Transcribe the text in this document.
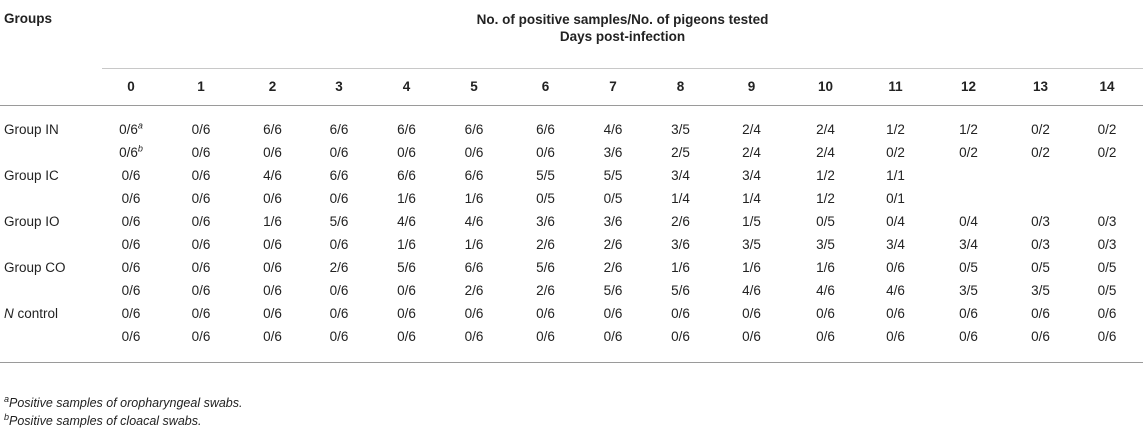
Groups	No. of positive samples/No. of pigeons tested
Days post-infection														

	0	1	2	3	4	5	6	7	8	9	10	11	12	13	14

Group IN	0/6$^a$	0/6	6/6	6/6	6/6	6/6	6/6	4/6	3/5	2/4	2/4	1/2	1/2	0/2	0/2
	0/6$^b$	0/6	0/6	0/6	0/6	0/6	0/6	3/6	2/5	2/4	2/4	0/2	0/2	0/2	0/2
Group IC	0/6	0/6	4/6	6/6	6/6	6/6	5/5	5/5	3/4	3/4	1/2	1/1			
	0/6	0/6	0/6	0/6	1/6	1/6	0/5	0/5	1/4	1/4	1/2	0/1			
Group IO	0/6	0/6	1/6	5/6	4/6	4/6	3/6	3/6	2/6	1/5	0/5	0/4	0/4	0/3	0/3
	0/6	0/6	0/6	0/6	1/6	1/6	2/6	2/6	3/6	3/5	3/5	3/4	3/4	0/3	0/3
Group CO	0/6	0/6	0/6	2/6	5/6	6/6	5/6	2/6	1/6	1/6	1/6	0/6	0/5	0/5	0/5
	0/6	0/6	0/6	0/6	0/6	2/6	2/6	5/6	5/6	4/6	4/6	4/6	3/5	3/5	0/5
N control	0/6	0/6	0/6	0/6	0/6	0/6	0/6	0/6	0/6	0/6	0/6	0/6	0/6	0/6	0/6
	0/6	0/6	0/6	0/6	0/6	0/6	0/6	0/6	0/6	0/6	0/6	0/6	0/6	0/6	0/6

$^a$Positive samples of oropharyngeal swabs.
$^b$Positive samples of cloacal swabs.
